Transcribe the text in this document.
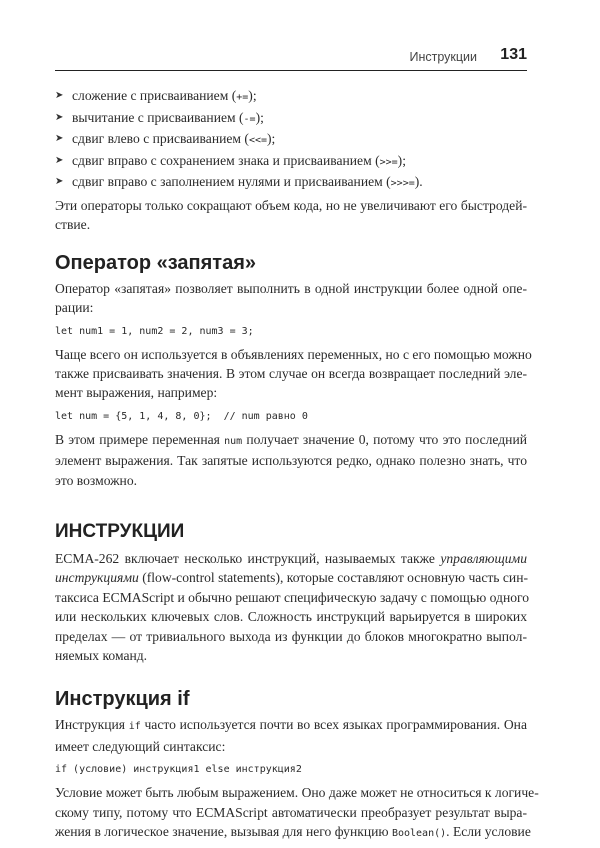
Инструкции 131
➤ сложение с присваиванием (+=);
➤ вычитание с присваиванием (-=);
➤ сдвиг влево с присваиванием (<<=);
➤ сдвиг вправо с сохранением знака и присваиванием (>>=);
➤ сдвиг вправо с заполнением нулями и присваиванием (>>>=).

Эти операторы только сокращают объем кода, но не увеличивают его быстродей-
ствие.

Оператор «запятая»

Оператор «запятая» позволяет выполнить в одной инструкции более одной опе-
рации:

let num1 = 1, num2 = 2, num3 = 3;

Чаще всего он используется в объявлениях переменных, но с его помощью можно
также присваивать значения. В этом случае он всегда возвращает последний эле-
мент выражения, например:

let num = {5, 1, 4, 8, 0};  // num равно 0

В этом примере переменная num получает значение 0, потому что это последний
элемент выражения. Так запятые используются редко, однако полезно знать, что
это возможно.

ИНСТРУКЦИИ

ECMA-262 включает несколько инструкций, называемых также управляющими
инструкциями (flow-control statements), которые составляют основную часть син-
таксиса ECMAScript и обычно решают специфическую задачу с помощью одного
или нескольких ключевых слов. Сложность инструкций варьируется в широких
пределах — от тривиального выхода из функции до блоков многократно выпол-
няемых команд.

Инструкция if

Инструкция if часто используется почти во всех языках программирования. Она
имеет следующий синтаксис:

if (условие) инструкция1 else инструкция2

Условие может быть любым выражением. Оно даже может не относиться к логиче-
скому типу, потому что ECMAScript автоматически преобразует результат выра-
жения в логическое значение, вызывая для него функцию Boolean(). Если условие
